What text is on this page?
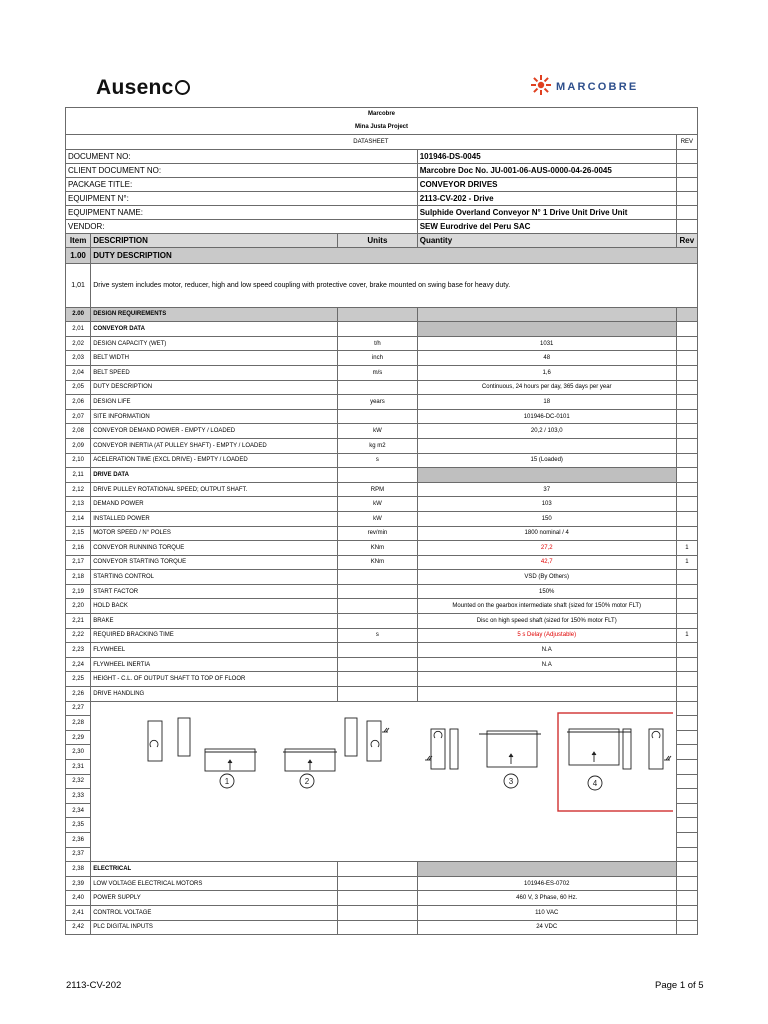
Ausenc	MARCOBRE
Marcobre
Mina Justa Project				

DATASHEET				REV
DOCUMENT NO:			101946-DS-0045	
CLIENT DOCUMENT NO:			Marcobre Doc No. JU-001-06-AUS-0000-04-26-0045	
PACKAGE TITLE:			CONVEYOR DRIVES	
EQUIPMENT N°:			2113-CV-202 - Drive	
EQUIPMENT NAME:			Sulphide Overland Conveyor N° 1 Drive Unit Drive Unit	
VENDOR:			SEW Eurodrive del Peru SAC	
Item	DESCRIPTION	Units	Quantity	Rev
1.00	DUTY DESCRIPTION			
1,01	Drive system includes motor, reducer, high and low speed coupling with protective cover, brake mounted on swing base for heavy duty.			
2.00	DESIGN REQUIREMENTS			
2,01	CONVEYOR DATA			
2,02	DESIGN CAPACITY (WET)	t/h	1031	
2,03	BELT WIDTH	inch	48	
2,04	BELT SPEED	m/s	1,6	
2,05	DUTY DESCRIPTION		Continuous, 24 hours per day, 365 days per year	
2,06	DESIGN LIFE	years	18	
2,07	SITE INFORMATION		101946-DC-0101	
2,08	CONVEYOR DEMAND POWER - EMPTY / LOADED	kW	20,2 / 103,0	
2,09	CONVEYOR INERTIA (AT PULLEY SHAFT) - EMPTY / LOADED	kg m2		
2,10	ACELERATION TIME (EXCL DRIVE) - EMPTY / LOADED	s	15 (Loaded)	
2,11	DRIVE DATA			
2,12	DRIVE PULLEY ROTATIONAL SPEED; OUTPUT SHAFT.	RPM	37	
2,13	DEMAND POWER	kW	103	
2,14	INSTALLED POWER	kW	150	
2,15	MOTOR SPEED / N° POLES	rev/min	1800 nominal / 4	
2,16	CONVEYOR RUNNING TORQUE	KNm	27,2	1
2,17	CONVEYOR STARTING TORQUE	KNm	42,7	1
2,18	STARTING CONTROL		VSD (By Others)	
2,19	START FACTOR		150%	
2,20	HOLD BACK		Mounted on the gearbox intermediate shaft (sized for 150% motor FLT)	
2,21	BRAKE		Disc on high speed shaft (sized for 150% motor FLT)	
2,22	REQUIRED BRACKING TIME	s	5 s Delay (Adjustable)	1
2,23	FLYWHEEL		N.A	
2,24	FLYWHEEL INERTIA		N.A	
2,25	HEIGHT - C.L. OF OUTPUT SHAFT TO TOP OF FLOOR			
2,26	DRIVE HANDLING			
2,27	1 2 3 4			

2,28				
2,29				
2,30				
2,31				
2,32				
2,33				
2,34				
2,35				
2,36				
2,37				
2,38	ELECTRICAL			
2,39	LOW VOLTAGE ELECTRICAL MOTORS		101946-ES-0702	
2,40	POWER SUPPLY		460 V, 3 Phase, 60 Hz.	
2,41	CONTROL VOLTAGE		110 VAC	
2,42	PLC DIGITAL INPUTS		24 VDC	
2113-CV-202	Page 1 of 5
